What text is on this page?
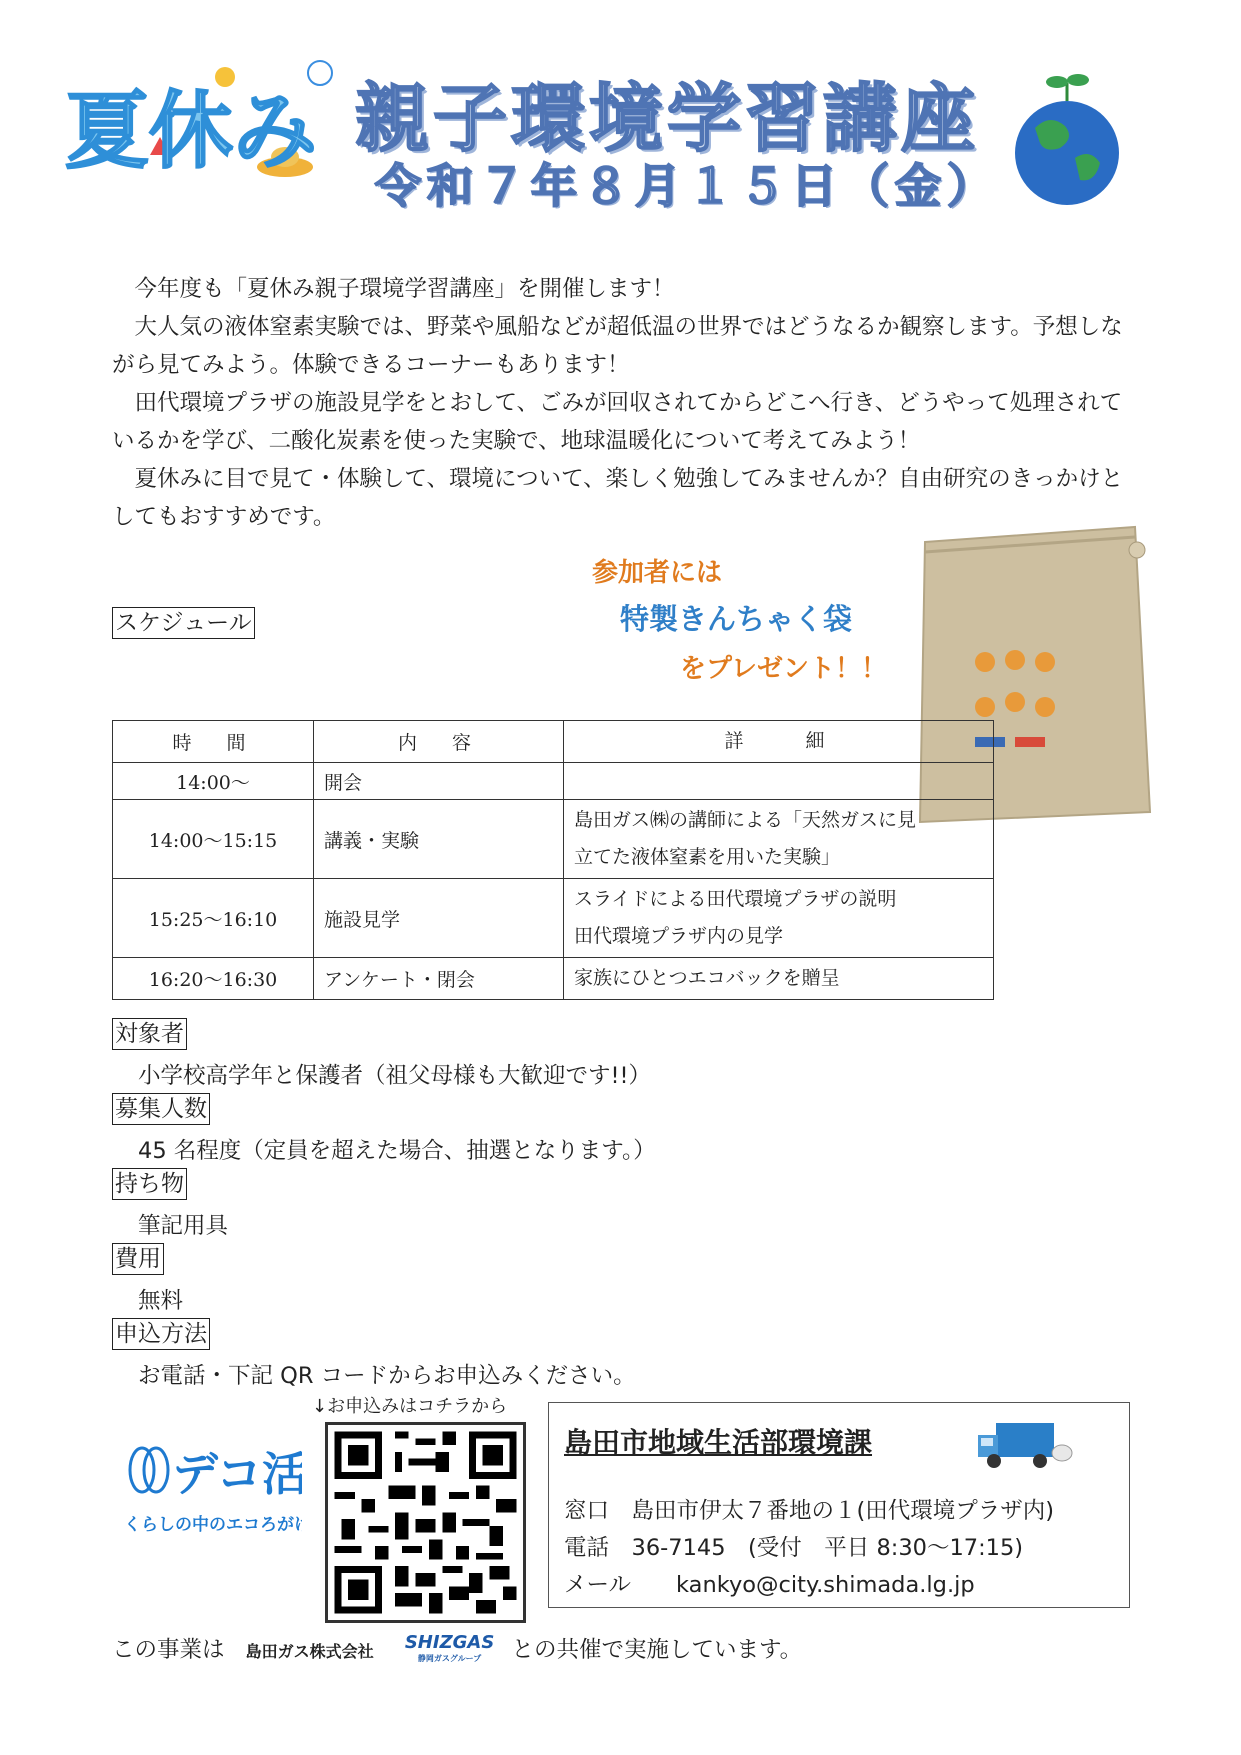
夏休み 親子環境学習講座
令和７年８月１５日（金）

今年度も「夏休み親子環境学習講座」を開催します！

大人気の液体窒素実験では、野菜や風船などが超低温の世界ではどうなるか観察します。予想しながら見てみよう。体験できるコーナーもあります！

田代環境プラザの施設見学をとおして、ごみが回収されてからどこへ行き、どうやって処理されているかを学び、二酸化炭素を使った実験で、地球温暖化について考えてみよう！

夏休みに目で見て・体験して、環境について、楽しく勉強してみませんか？自由研究のきっかけとしてもおすすめです。

参加者には
特製きんちゃく袋
をプレゼント！！
スケジュール
時　間	内　容	詳　　細
14:00～	開会	
14:00～15:15	講義・実験	島田ガス㈱の講師による「天然ガスに見
立てた液体窒素を用いた実験」

15:25～16:10	施設見学	スライドによる田代環境プラザの説明
田代環境プラザ内の見学

16:20～16:30	アンケート・閉会	家族にひとつエコバックを贈呈
対象者
小学校高学年と保護者（祖父母様も大歓迎です!!）
募集人数
45 名程度（定員を超えた場合、抽選となります。）
持ち物
筆記用具
費用
無料
申込方法
お電話・下記 QR コードからお申込みください。
デコ活
くらしの中のエコろがけ
↓お申込みはコチラから
島田市地域生活部環境課
窓口　島田市伊太７番地の１(田代環境プラザ内)
電話　36-7145　(受付　平日 8:30～17:15)
メール　　kankyo@city.shimada.lg.jp
この事業は 島田ガス株式会社 SHIZGAS
静岡ガスグループ	との共催で実施しています。
